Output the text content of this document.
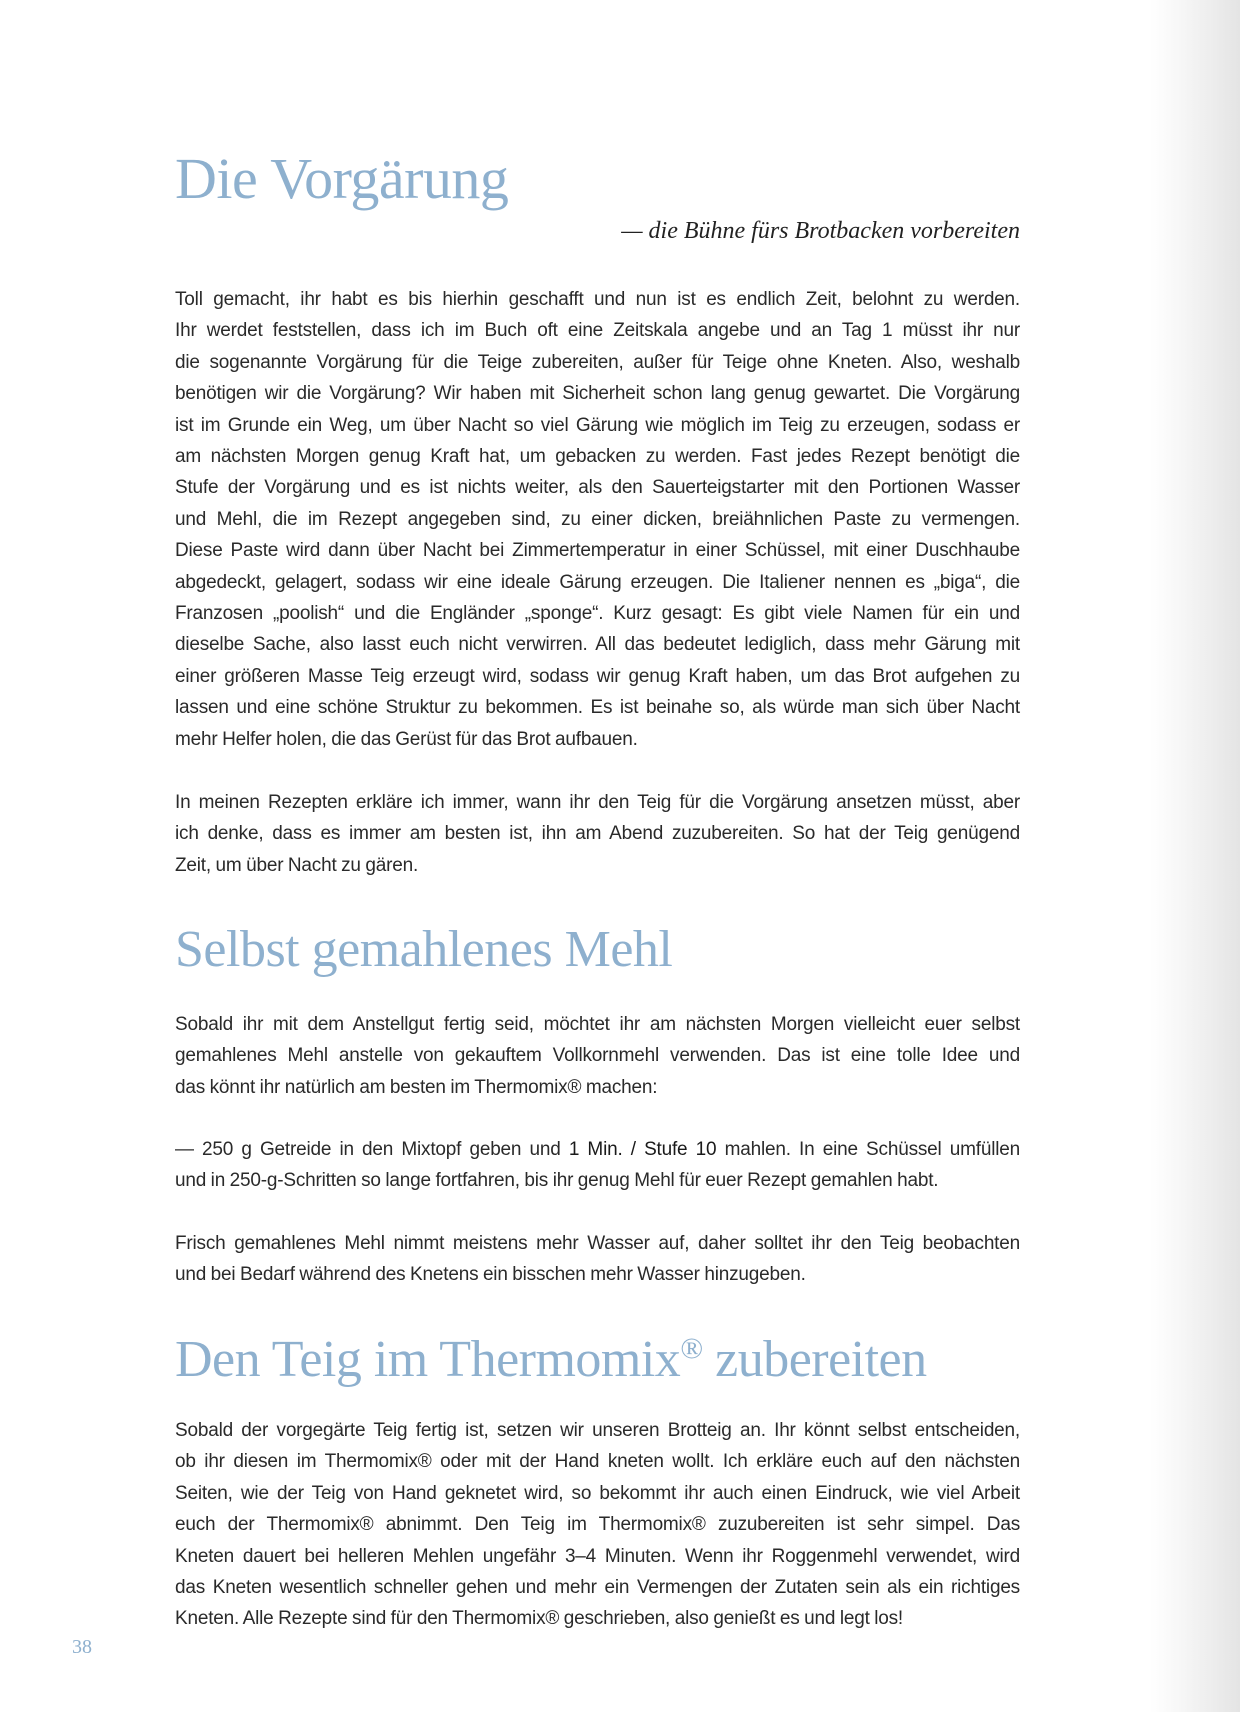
Die Vorgärung
— die Bühne fürs Brotbacken vorbereiten
Toll gemacht, ihr habt es bis hierhin geschafft und nun ist es endlich Zeit, belohnt zu werden.
Ihr werdet feststellen, dass ich im Buch oft eine Zeitskala angebe und an Tag 1 müsst ihr nur
die sogenannte Vorgärung für die Teige zubereiten, außer für Teige ohne Kneten. Also, weshalb
benötigen wir die Vorgärung? Wir haben mit Sicherheit schon lang genug gewartet. Die Vorgärung
ist im Grunde ein Weg, um über Nacht so viel Gärung wie möglich im Teig zu erzeugen, sodass er
am nächsten Morgen genug Kraft hat, um gebacken zu werden. Fast jedes Rezept benötigt die
Stufe der Vorgärung und es ist nichts weiter, als den Sauerteigstarter mit den Portionen Wasser
und Mehl, die im Rezept angegeben sind, zu einer dicken, breiähnlichen Paste zu vermengen.
Diese Paste wird dann über Nacht bei Zimmertemperatur in einer Schüssel, mit einer Duschhaube
abgedeckt, gelagert, sodass wir eine ideale Gärung erzeugen. Die Italiener nennen es „biga“, die
Franzosen „poolish“ und die Engländer „sponge“. Kurz gesagt: Es gibt viele Namen für ein und
dieselbe Sache, also lasst euch nicht verwirren. All das bedeutet lediglich, dass mehr Gärung mit
einer größeren Masse Teig erzeugt wird, sodass wir genug Kraft haben, um das Brot aufgehen zu
lassen und eine schöne Struktur zu bekommen. Es ist beinahe so, als würde man sich über Nacht
mehr Helfer holen, die das Gerüst für das Brot aufbauen.
In meinen Rezepten erkläre ich immer, wann ihr den Teig für die Vorgärung ansetzen müsst, aber
ich denke, dass es immer am besten ist, ihn am Abend zuzubereiten. So hat der Teig genügend
Zeit, um über Nacht zu gären.
Selbst gemahlenes Mehl
Sobald ihr mit dem Anstellgut fertig seid, möchtet ihr am nächsten Morgen vielleicht euer selbst
gemahlenes Mehl anstelle von gekauftem Vollkornmehl verwenden. Das ist eine tolle Idee und
das könnt ihr natürlich am besten im Thermomix® machen:
— 250 g Getreide in den Mixtopf geben und 1 Min. / Stufe 10 mahlen. In eine Schüssel umfüllen
und in 250-g-Schritten so lange fortfahren, bis ihr genug Mehl für euer Rezept gemahlen habt.
Frisch gemahlenes Mehl nimmt meistens mehr Wasser auf, daher solltet ihr den Teig beobachten
und bei Bedarf während des Knetens ein bisschen mehr Wasser hinzugeben.
Den Teig im Thermomix® zubereiten
Sobald der vorgegärte Teig fertig ist, setzen wir unseren Brotteig an. Ihr könnt selbst entscheiden,
ob ihr diesen im Thermomix® oder mit der Hand kneten wollt. Ich erkläre euch auf den nächsten
Seiten, wie der Teig von Hand geknetet wird, so bekommt ihr auch einen Eindruck, wie viel Arbeit
euch der Thermomix® abnimmt. Den Teig im Thermomix® zuzubereiten ist sehr simpel. Das
Kneten dauert bei helleren Mehlen ungefähr 3–4 Minuten. Wenn ihr Roggenmehl verwendet, wird
das Kneten wesentlich schneller gehen und mehr ein Vermengen der Zutaten sein als ein richtiges
Kneten. Alle Rezepte sind für den Thermomix® geschrieben, also genießt es und legt los!
38
